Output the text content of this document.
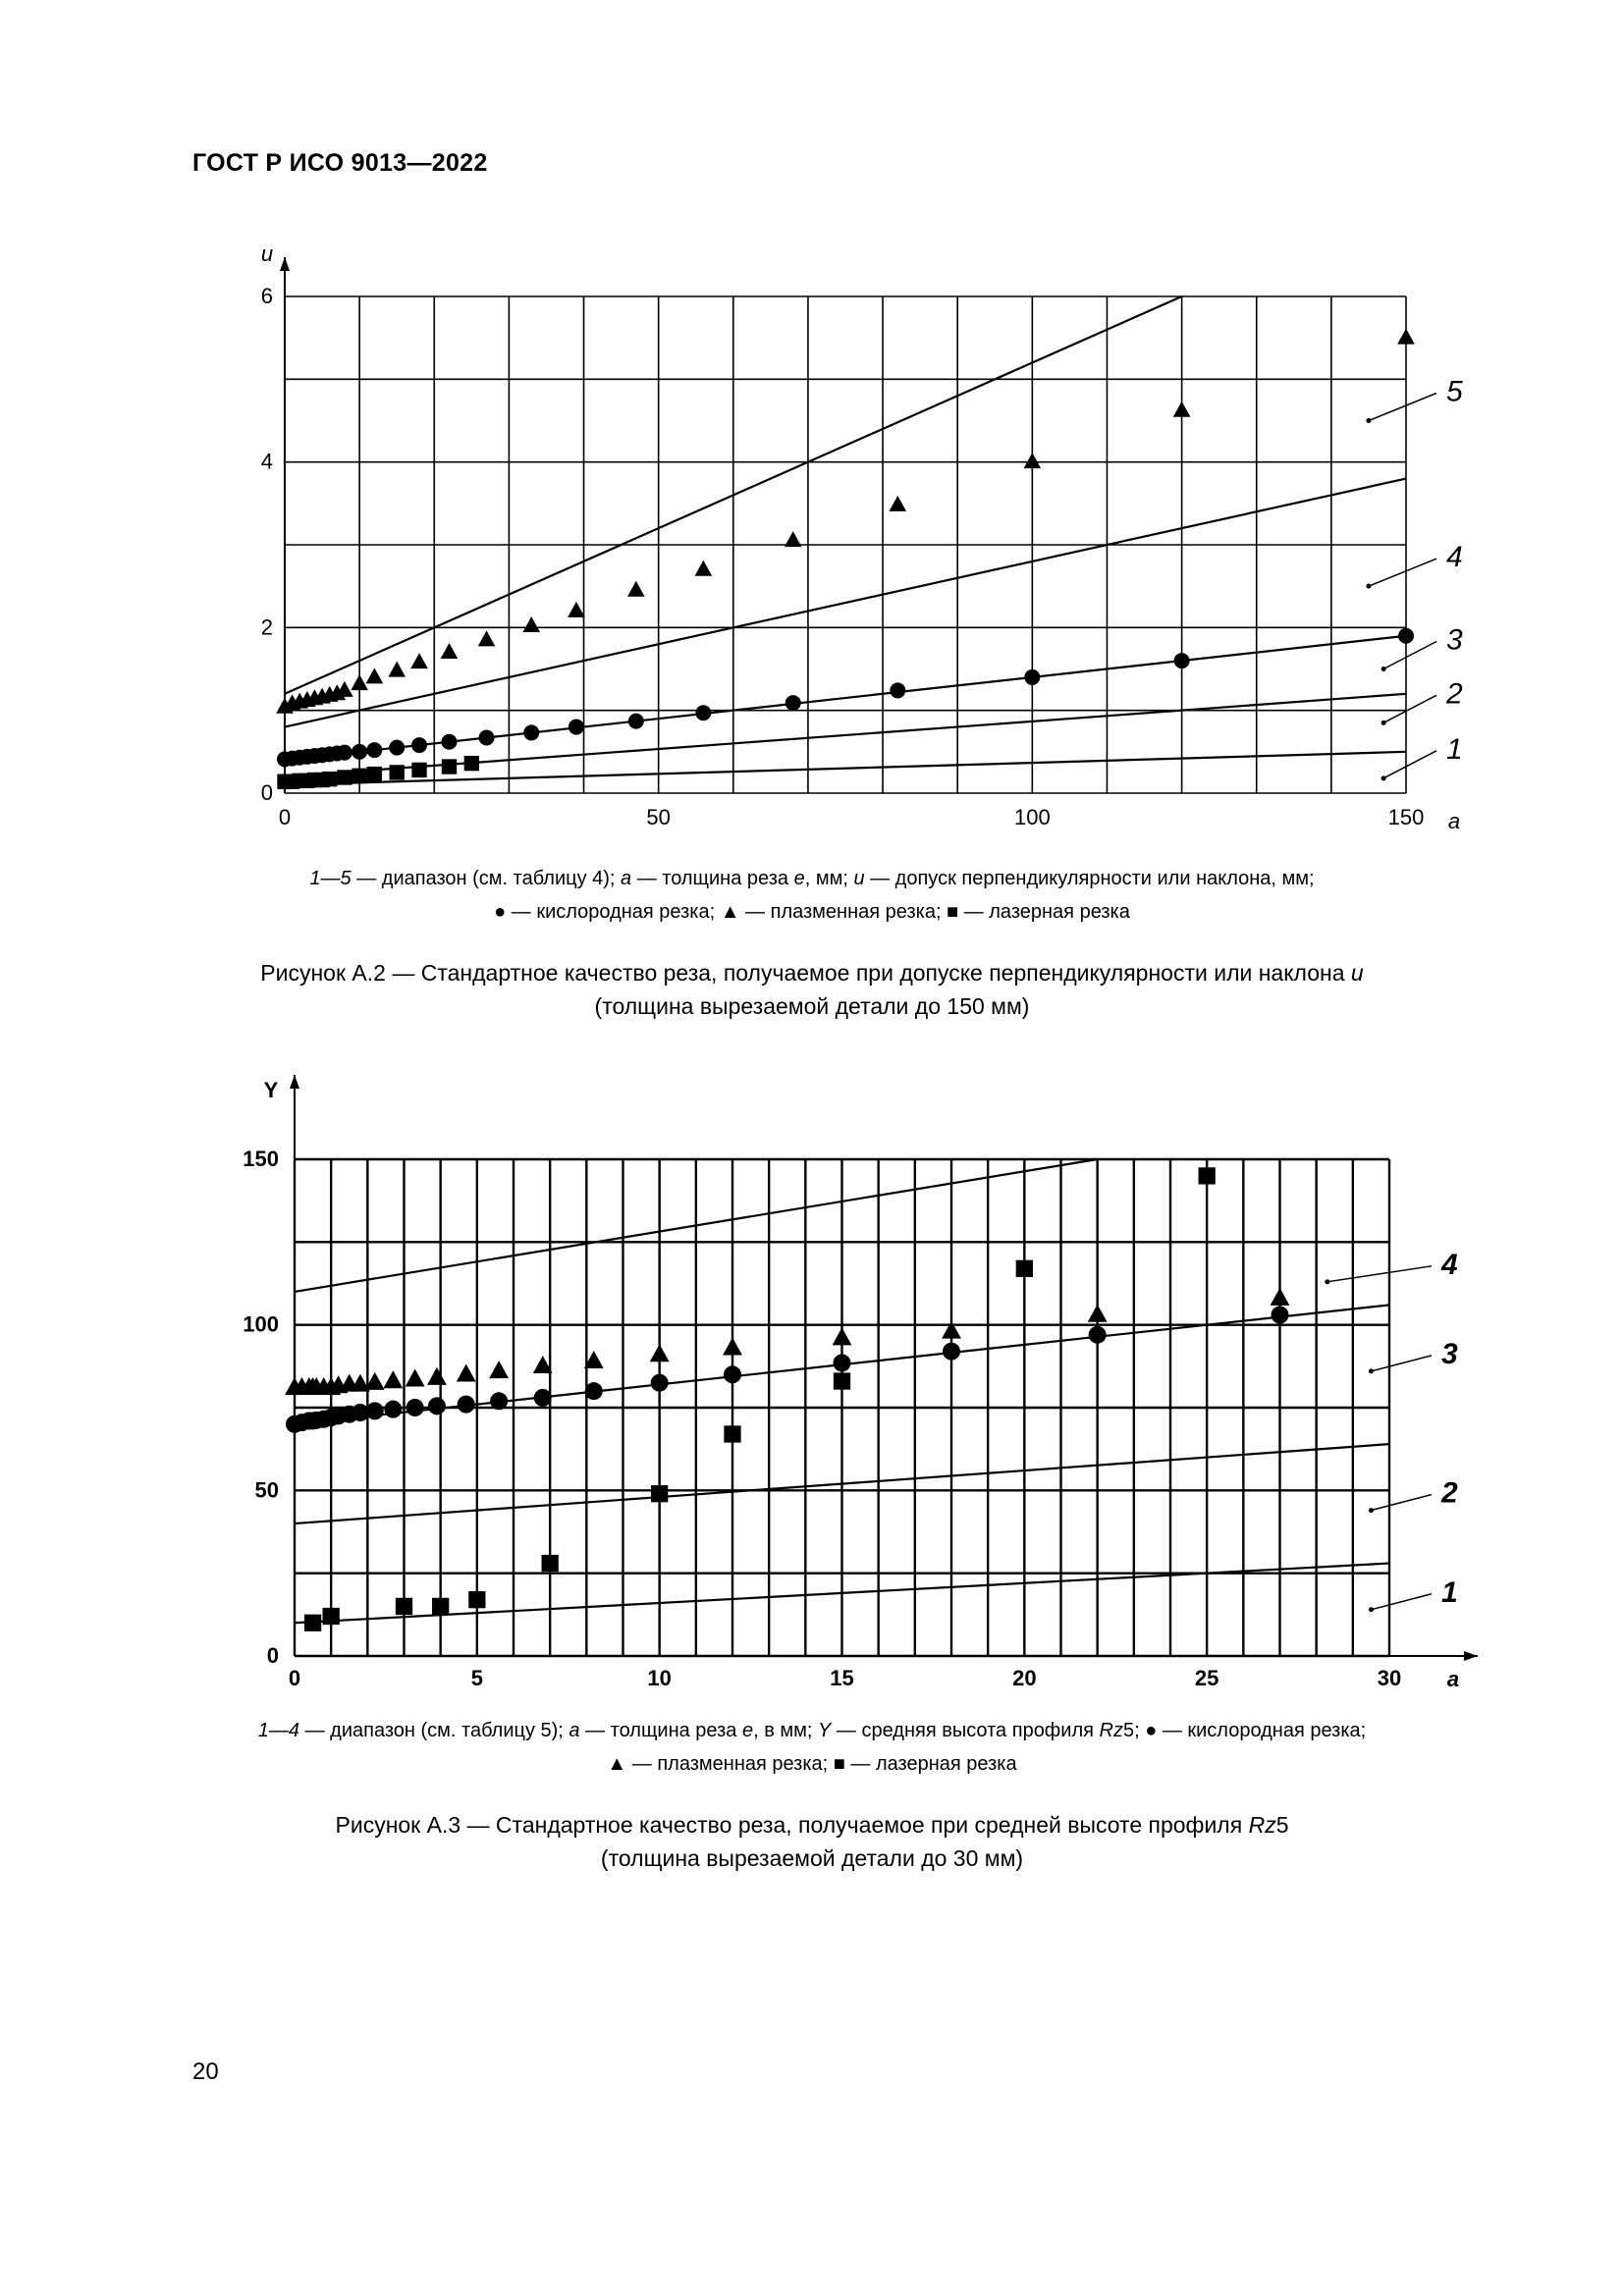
ГОСТ Р ИСО 9013—2022
0	50	100	150
0
2
4
6
u
a
5
4
3
2
1
1—5 — диапазон (см. таблицу 4); a — толщина реза e, мм; u — допуск перпендикулярности или наклона, мм;
● — кислородная резка; ▲ — плазменная резка; ■ — лазерная резка
Рисунок А.2 — Стандартное качество реза, получаемое при допуске перпендикулярности или наклона u
(толщина вырезаемой детали до 150 мм)
0	5	10	15	20	25	30
0
50
100
150
Y
a
4
3
2
1
1—4 — диапазон (см. таблицу 5); a — толщина реза e, в мм; Y — средняя высота профиля Rz5; ● — кислородная резка;
▲ — плазменная резка; ■ — лазерная резка
Рисунок А.3 — Стандартное качество реза, получаемое при средней высоте профиля Rz5
(толщина вырезаемой детали до 30 мм)
20
